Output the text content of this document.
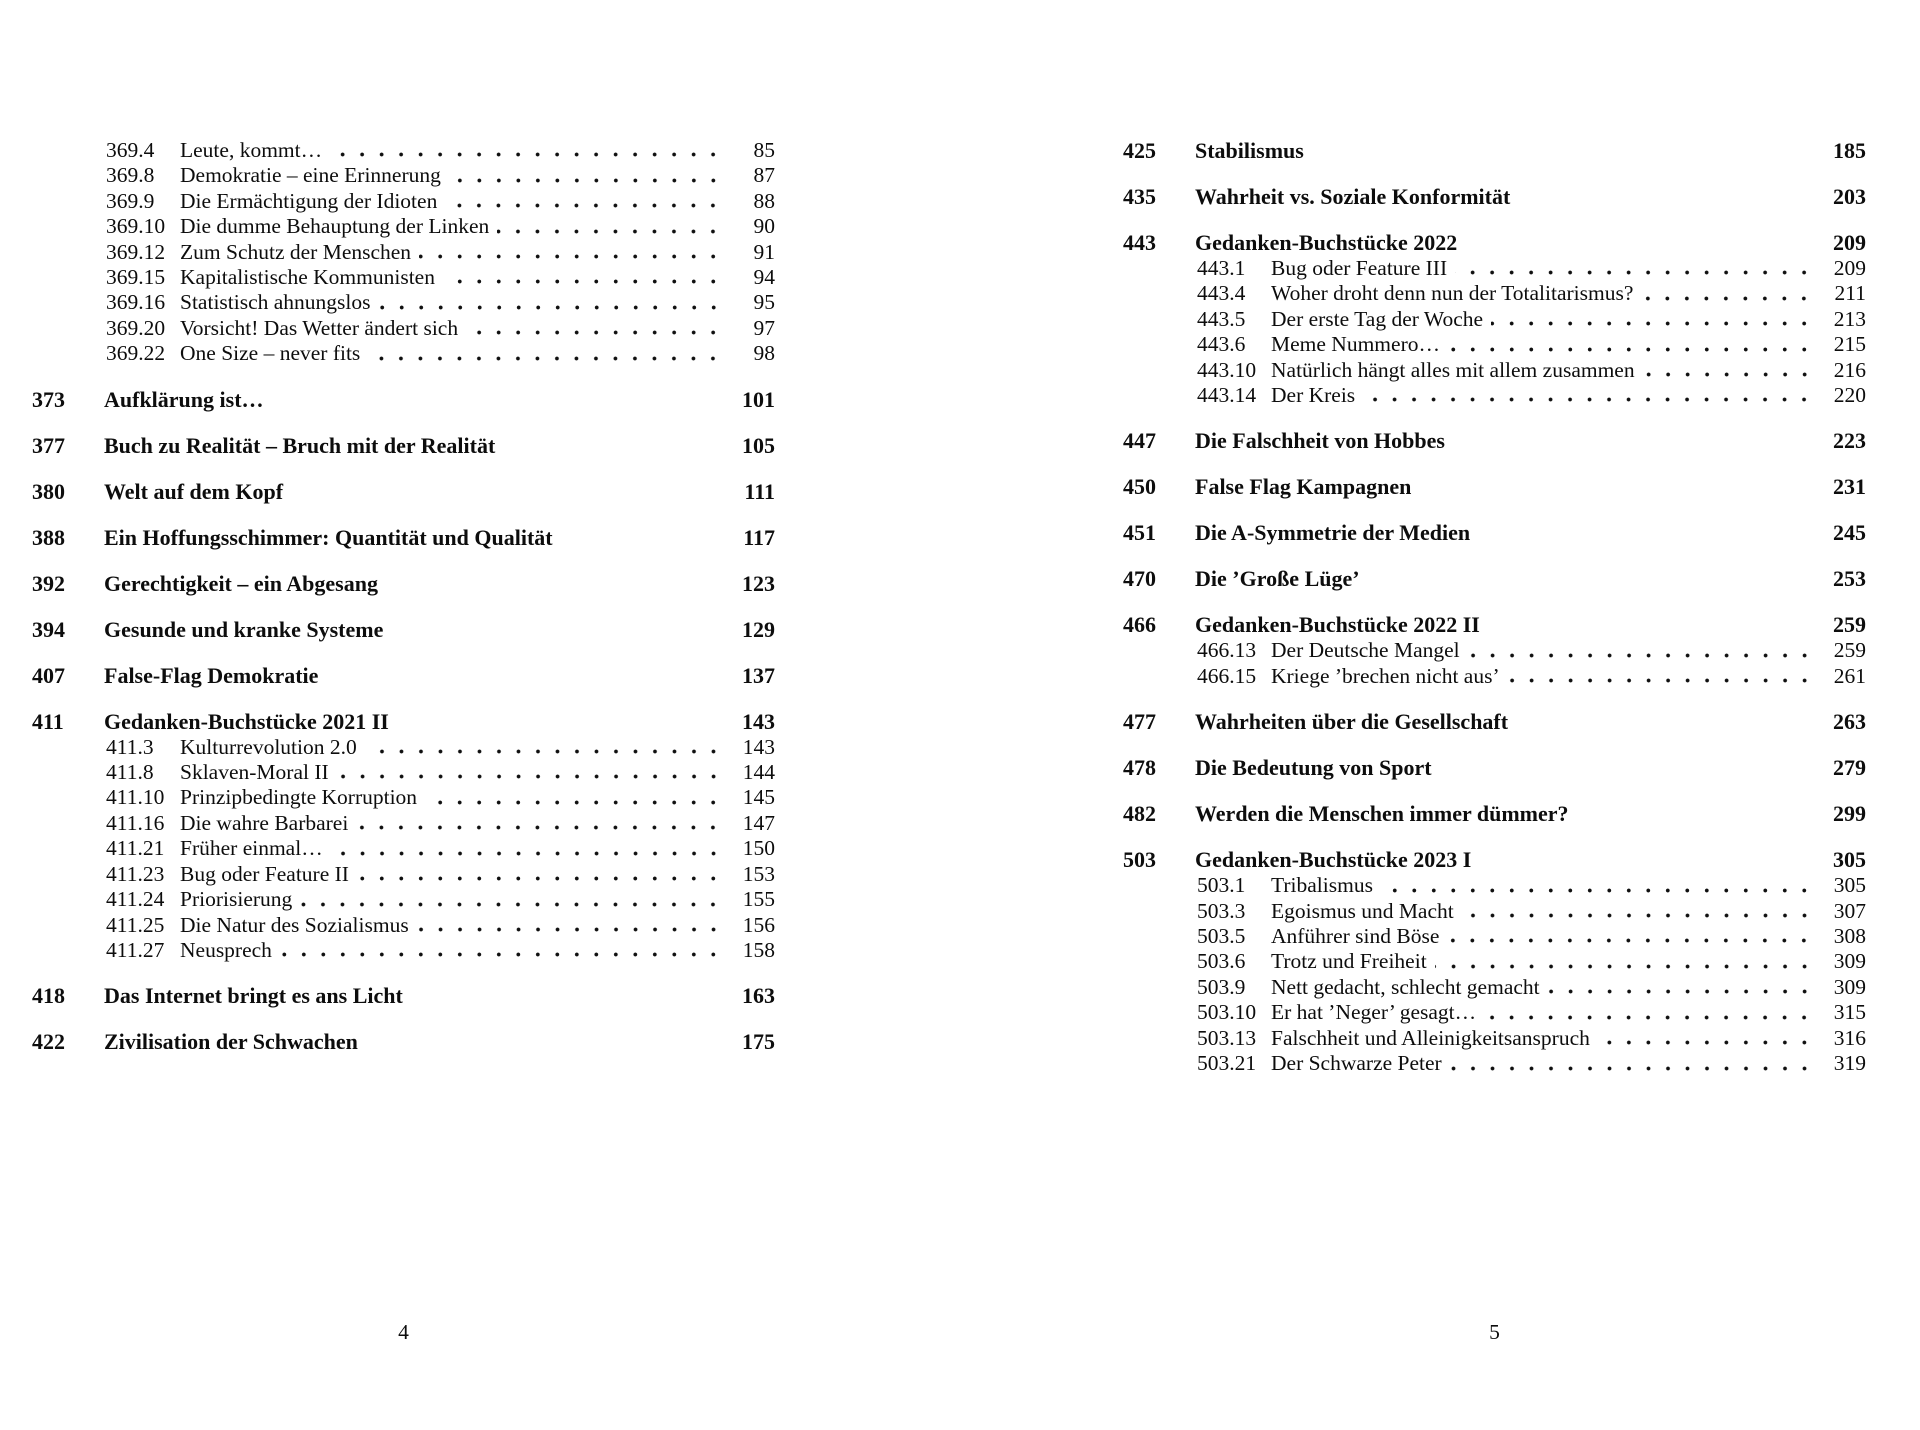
369.4	Leute, kommt…	85
369.8	Demokratie – eine Erinnerung	87
369.9	Die Ermächtigung der Idioten	88
369.10 Die dumme Behauptung der Linken	90
369.12 Zum Schutz der Menschen	91
369.15 Kapitalistische Kommunisten	94
369.16 Statistisch ahnungslos	95
369.20 Vorsicht! Das Wetter ändert sich	97
369.22 One Size – never fits	98
373	Aufklärung ist…	101
377	Buch zu Realität – Bruch mit der Realität	105
380	Welt auf dem Kopf	111
388	Ein Hoffungsschimmer: Quantität und Qualität	117
392	Gerechtigkeit – ein Abgesang	123
394	Gesunde und kranke Systeme	129
407	False-Flag Demokratie	137
411	Gedanken-Buchstücke 2021 II	143
411.3	Kulturrevolution 2.0	143
411.8	Sklaven-Moral II	144
411.10 Prinzipbedingte Korruption	145
411.16 Die wahre Barbarei	147
411.21 Früher einmal…	150
411.23 Bug oder Feature II	153
411.24 Priorisierung	155
411.25 Die Natur des Sozialismus	156
411.27 Neusprech	158
418	Das Internet bringt es ans Licht	163
422	Zivilisation der Schwachen	175
4
425	Stabilismus	185
435	Wahrheit vs. Soziale Konformität	203
443	Gedanken-Buchstücke 2022	209
443.1	Bug oder Feature III	209
443.4	Woher droht denn nun der Totalitarismus?	211
443.5	Der erste Tag der Woche	213
443.6	Meme Nummero…	215
443.10 Natürlich hängt alles mit allem zusammen	216
443.14 Der Kreis	220
447	Die Falschheit von Hobbes	223
450	False Flag Kampagnen	231
451	Die A-Symmetrie der Medien	245
470	Die ’Große Lüge’	253
466	Gedanken-Buchstücke 2022 II	259
466.13 Der Deutsche Mangel	259
466.15 Kriege ’brechen nicht aus’	261
477	Wahrheiten über die Gesellschaft	263
478	Die Bedeutung von Sport	279
482	Werden die Menschen immer dümmer?	299
503	Gedanken-Buchstücke 2023 I	305
503.1	Tribalismus	305
503.3	Egoismus und Macht	307
503.5	Anführer sind Böse	308
503.6	Trotz und Freiheit	309
503.9	Nett gedacht, schlecht gemacht	309
503.10 Er hat ’Neger’ gesagt…	315
503.13 Falschheit und Alleinigkeitsanspruch	316
503.21 Der Schwarze Peter	319
5
